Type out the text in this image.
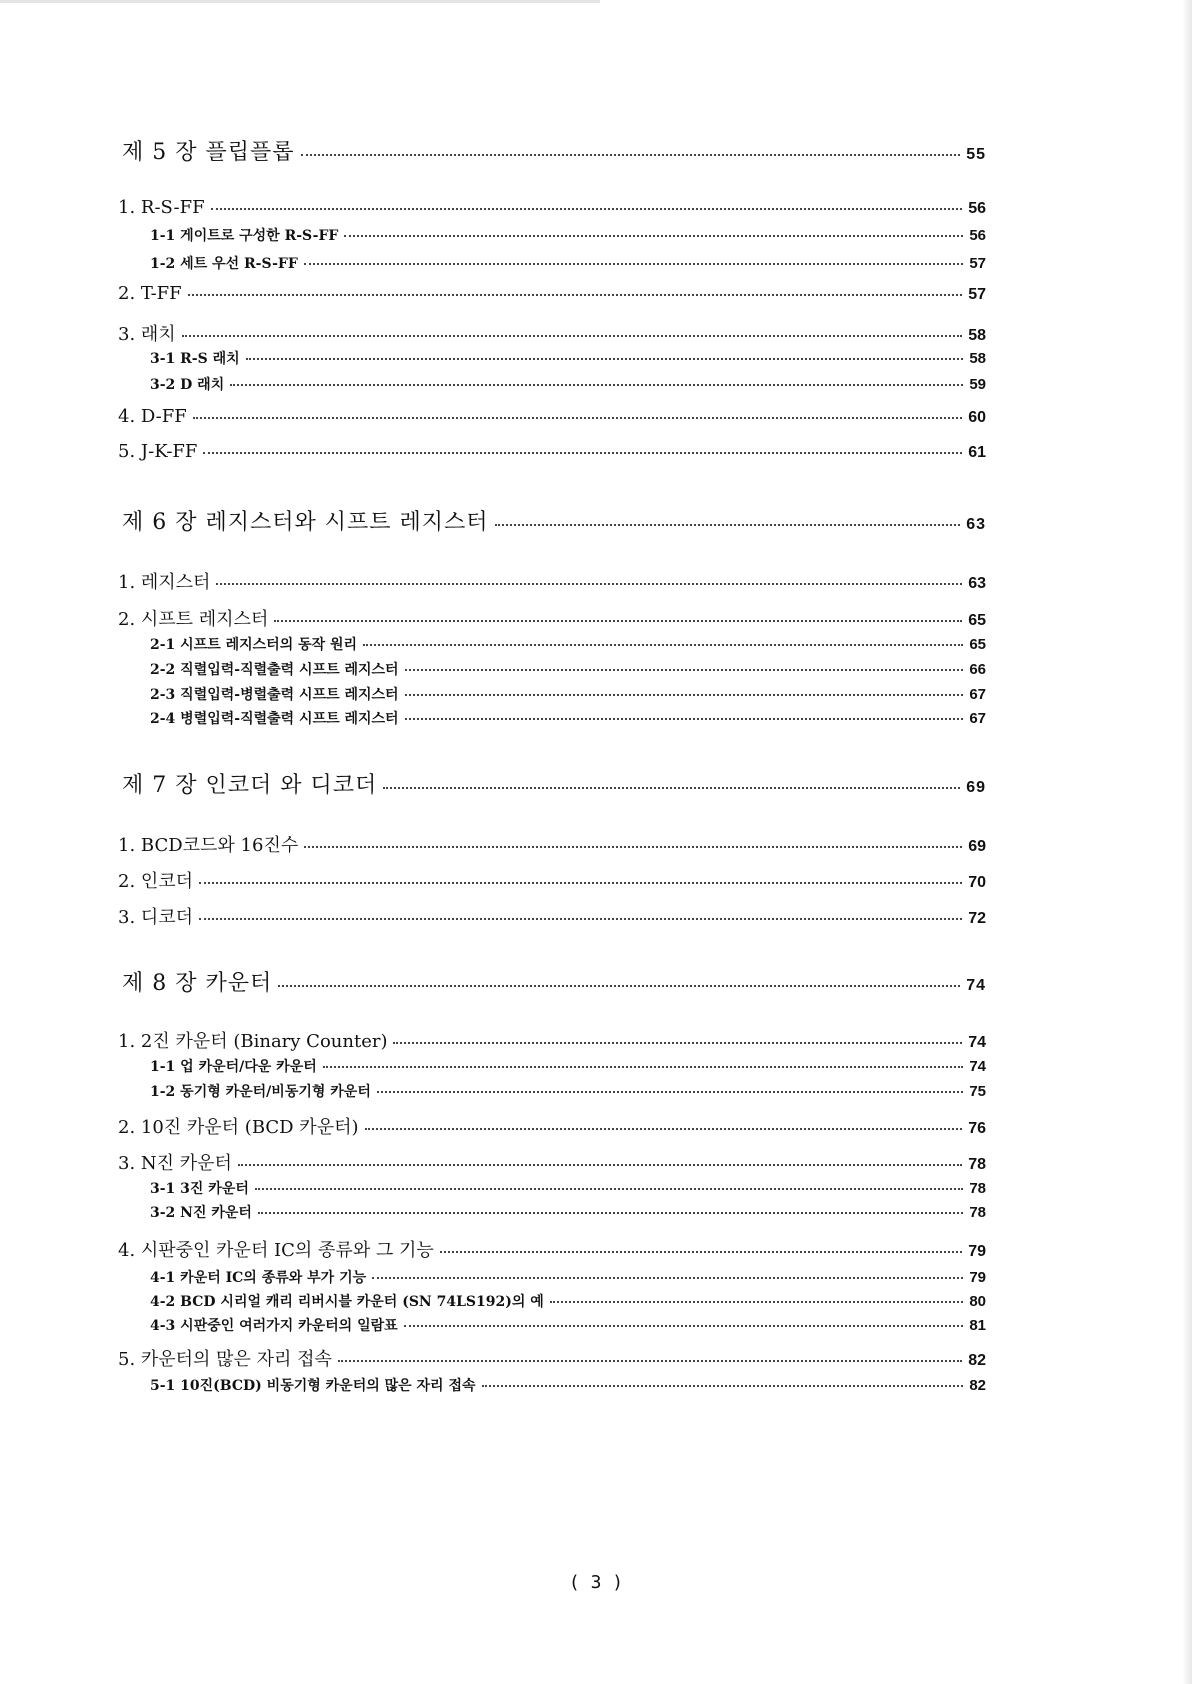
제 5 장 플립플롭	55
1. R-S-FF	56
1-1 게이트로 구성한 R-S-FF	56
1-2 세트 우선 R-S-FF	57
2. T-FF	57
3. 래치	58
3-1 R-S 래치	58
3-2 D 래치	59
4. D-FF	60
5. J-K-FF	61
제 6 장 레지스터와 시프트 레지스터	63
1. 레지스터	63
2. 시프트 레지스터	65
2-1 시프트 레지스터의 동작 원리	65
2-2 직렬입력-직렬출력 시프트 레지스터	66
2-3 직렬입력-병렬출력 시프트 레지스터	67
2-4 병렬입력-직렬출력 시프트 레지스터	67
제 7 장 인코더 와 디코더	69
1. BCD코드와 16진수	69
2. 인코더	70
3. 디코더	72
제 8 장 카운터	74
1. 2진 카운터 (Binary Counter)	74
1-1 업 카운터/다운 카운터	74
1-2 동기형 카운터/비동기형 카운터	75
2. 10진 카운터 (BCD 카운터)	76
3. N진 카운터	78
3-1 3진 카운터	78
3-2 N진 카운터	78
4. 시판중인 카운터 IC의 종류와 그 기능	79
4-1 카운터 IC의 종류와 부가 기능	79
4-2 BCD 시리얼 캐리 리버시블 카운터 (SN 74LS192)의 예	80
4-3 시판중인 여러가지 카운터의 일람표	81
5. 카운터의 많은 자리 접속	82
5-1 10진(BCD) 비동기형 카운터의 많은 자리 접속	82
( 3 )
